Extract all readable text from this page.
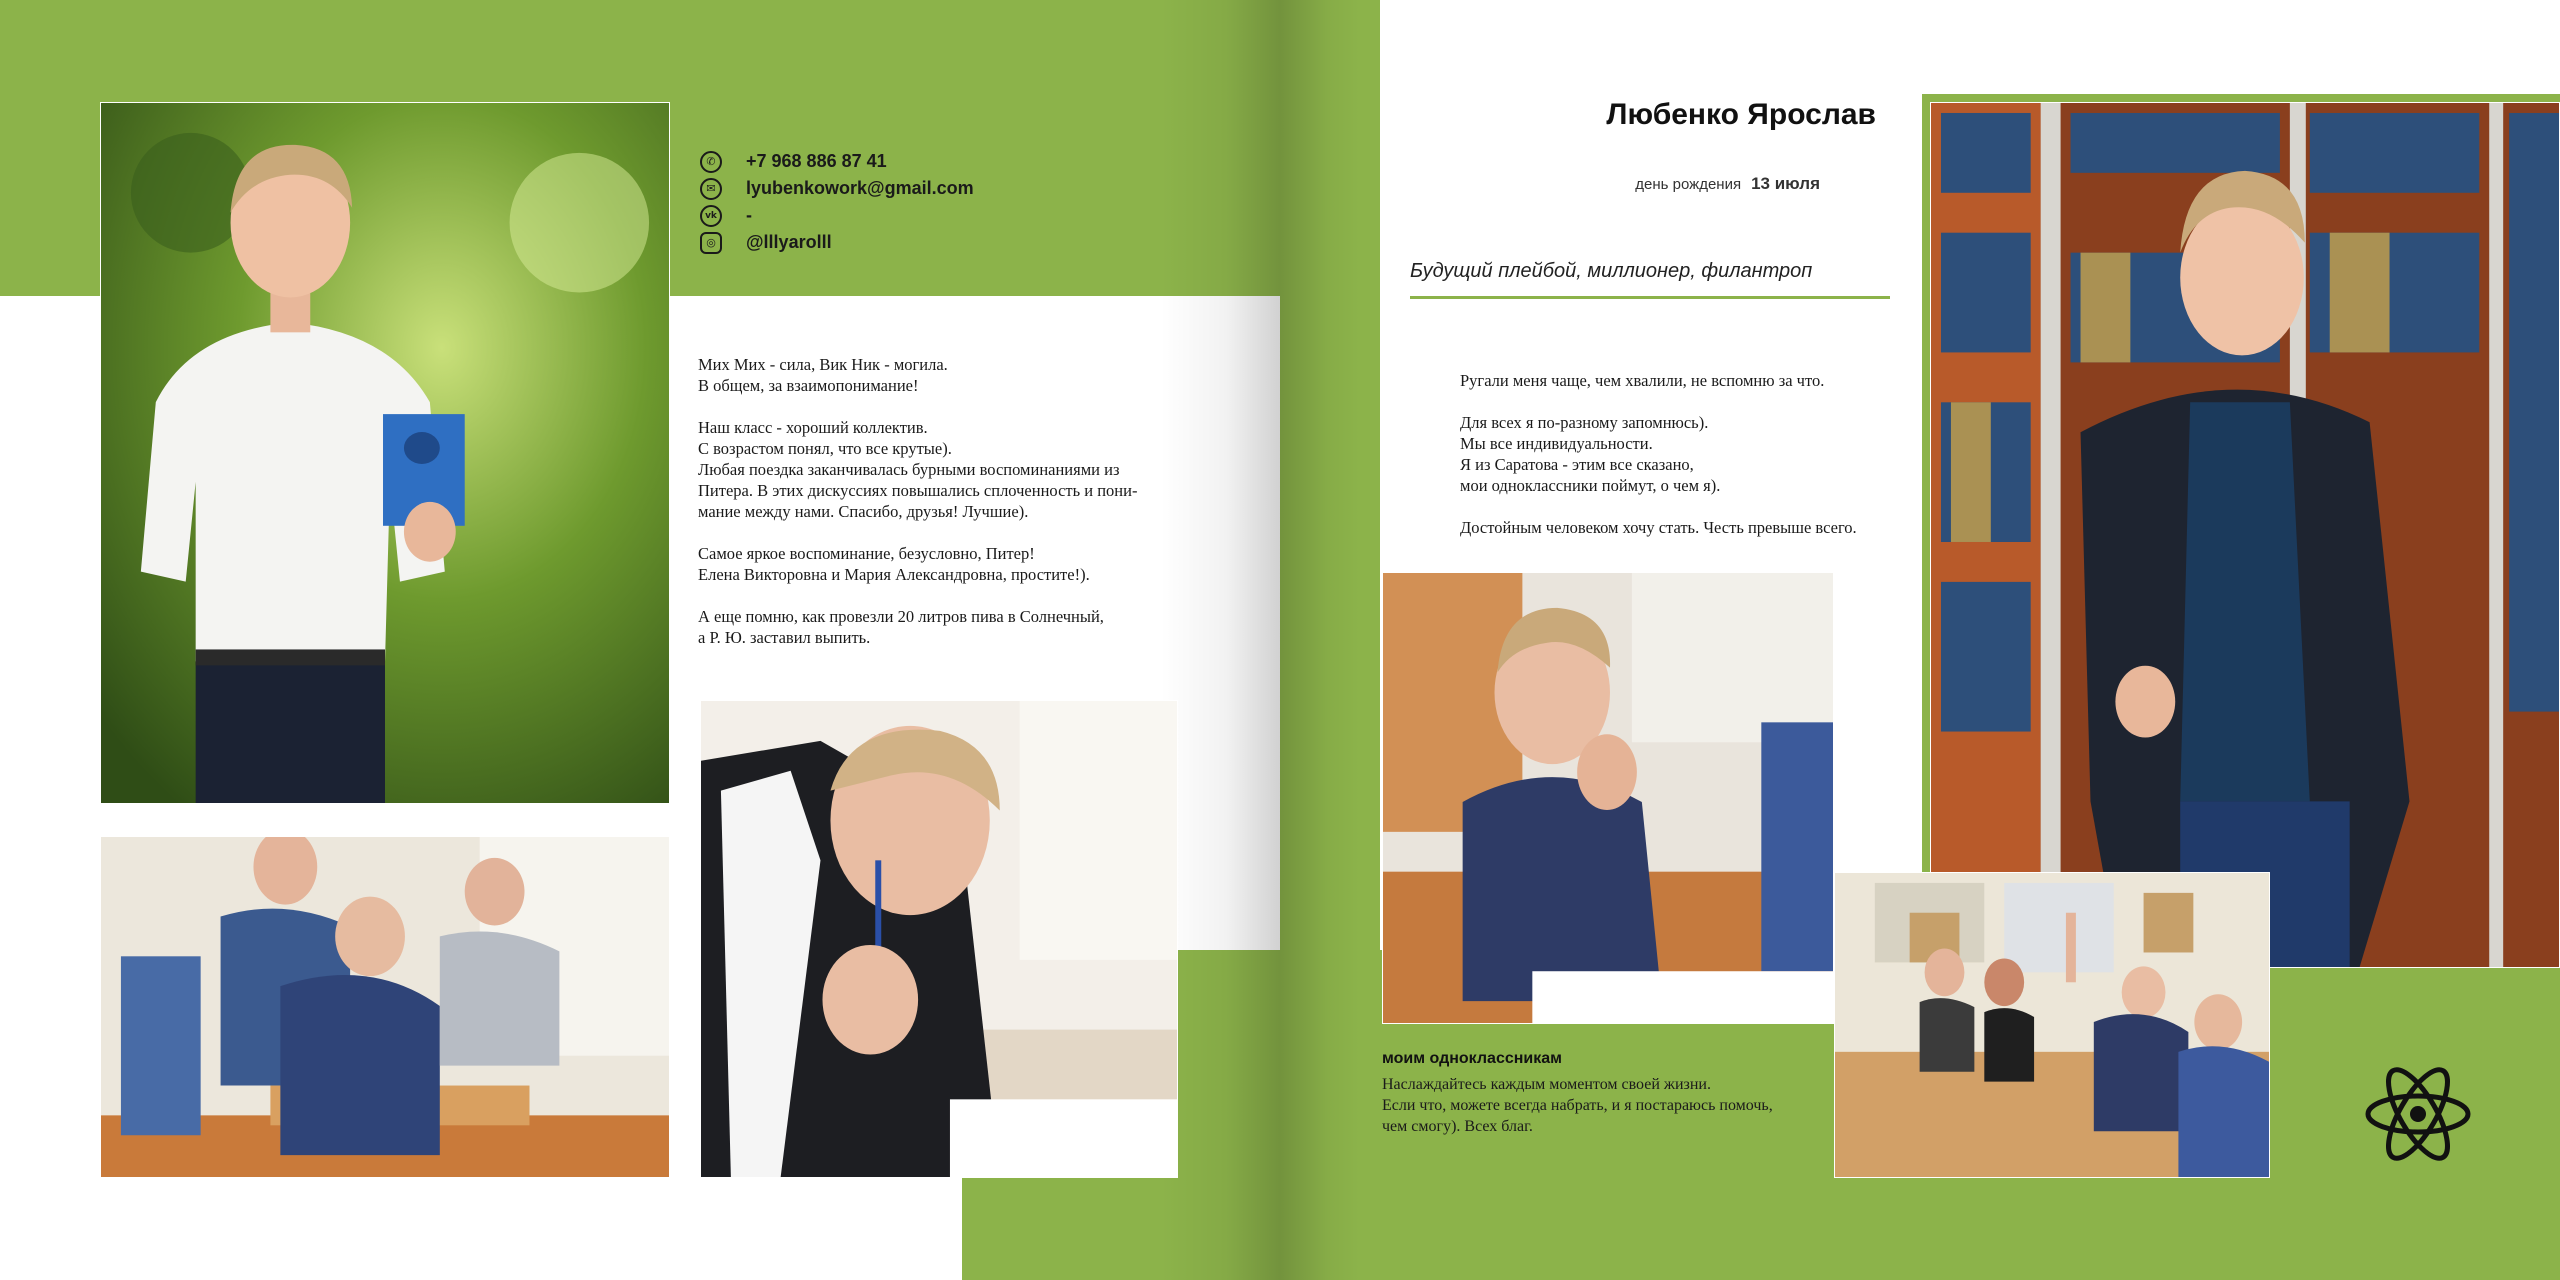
✆	+7 968 886 87 41
✉	lyubenkowork@gmail.com
vk -
◎	@lllyarolll
Мих Мих - сила, Вик Ник - могила.
В общем, за взаимопонимание!

Наш класс - хороший коллектив.
С возрастом понял, что все крутые).
Любая поездка заканчивалась бурными воспоминаниями из
Питера. В этих дискуссиях повышались сплоченность и пони-
мание между нами. Спасибо, друзья! Лучшие).

Самое яркое воспоминание, безусловно, Питер!
Елена Викторовна и Мария Александровна, простите!).

А еще помню, как провезли 20 литров пива в Солнечный,
а Р. Ю. заставил выпить.
Любенко Ярослав
день рождения 13 июля
Будущий плейбой, миллионер, филантроп
Ругали меня чаще, чем хвалили, не вспомню за что.

Для всех я по-разному запомнюсь).
Мы все индивидуальности.
Я из Саратова - этим все сказано,
мои одноклассники поймут, о чем я).

Достойным человеком хочу стать. Честь превыше всего.
моим одноклассникам
Наслаждайтесь каждым моментом своей жизни.
Если что, можете всегда набрать, и я постараюсь помочь,
чем смогу). Всех благ.
